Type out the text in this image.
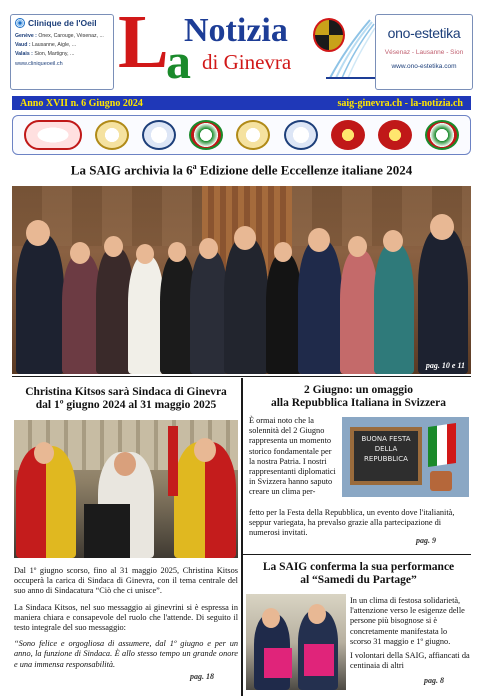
Clinique de l'Oeil
Genève : Onex, Carouge, Vésenaz, ...
Vaud : Lausanne, Aigle, ...
Valais : Sion, Martigny, ...
www.cliniqueoeil.ch L
a
Notizia
di Ginevra
ono-estetika
Vésenaz - Lausanne - Sion
www.ono-estetika.com
Anno XVII n. 6 Giugno 2024	saig-ginevra.ch - la-notizia.ch
La SAIG archivia la 6$^a$ Edizione delle Eccellenze italiane 2024
pag. 10 e 11
Christina Kitsos sarà Sindaca di Ginevra
dal 1º giugno 2024 al 31 maggio 2025

Dal 1º giugno scorso, fino al 31 maggio 2025, Christina Kitsos occuperà la carica di Sindaca di Ginevra, con il tema centrale del suo anno di Sindacatura “Ciò che ci unisce”.

La Sindaca Kitsos, nel suo messaggio ai ginevrini si è espressa in maniera chiara e consapevole del ruolo che l'attende. Di seguito il testo integrale del suo messaggio:

“Sono felice e orgogliosa di assumere, dal 1º giugno e per un anno, la funzione di Sindaca. È allo stesso tempo un grande onore e una immensa responsabilità.

pag. 18
2 Giugno: un omaggio
alla Repubblica Italiana in Svizzera
È ormai noto che la solennità del 2 Giugno rappresenta un momento storico fondamentale per la nostra Patria. I nostri rappresentanti diplomatici in Svizzera hanno saputo creare un clima per-
BUONA FESTA
DELLA
REPUBBLICA
fetto per la Festa della Repubblica, un evento dove l'italianità, seppur variegata, ha prevalso grazie alla partecipazione di numerosi invitati.
pag. 9
La SAIG conferma la sua performance
al “Samedi du Partage”

In un clima di festosa solidarietà, l'attenzione verso le esigenze delle persone più bisognose si è concretamente manifestata lo scorso 31 maggio e 1º giugno.

I volontari della SAIG, affiancati da centinaia di altri

pag. 8
